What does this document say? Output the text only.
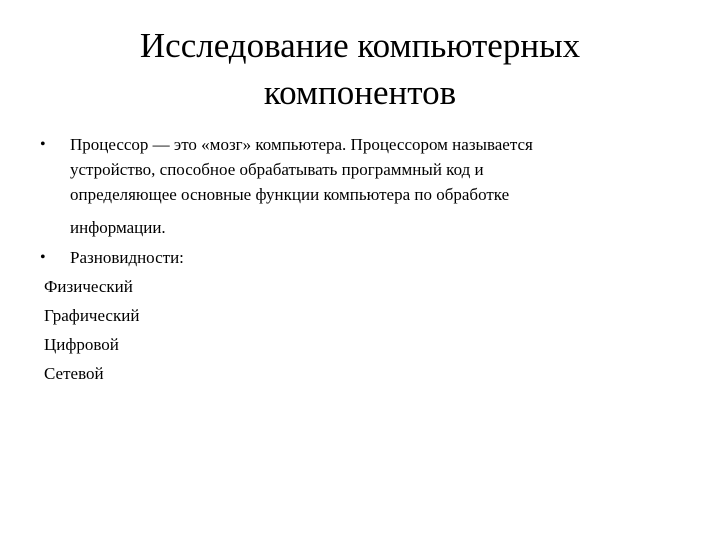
Исследование компьютерных
компонентов
• Процессор — это «мозг» компьютера. Процессором называется
устройство, способное обрабатывать программный код и
определяющее основные функции компьютера по обработке
информации.
• Разновидности:
Физический
Графический
Цифровой
Сетевой
